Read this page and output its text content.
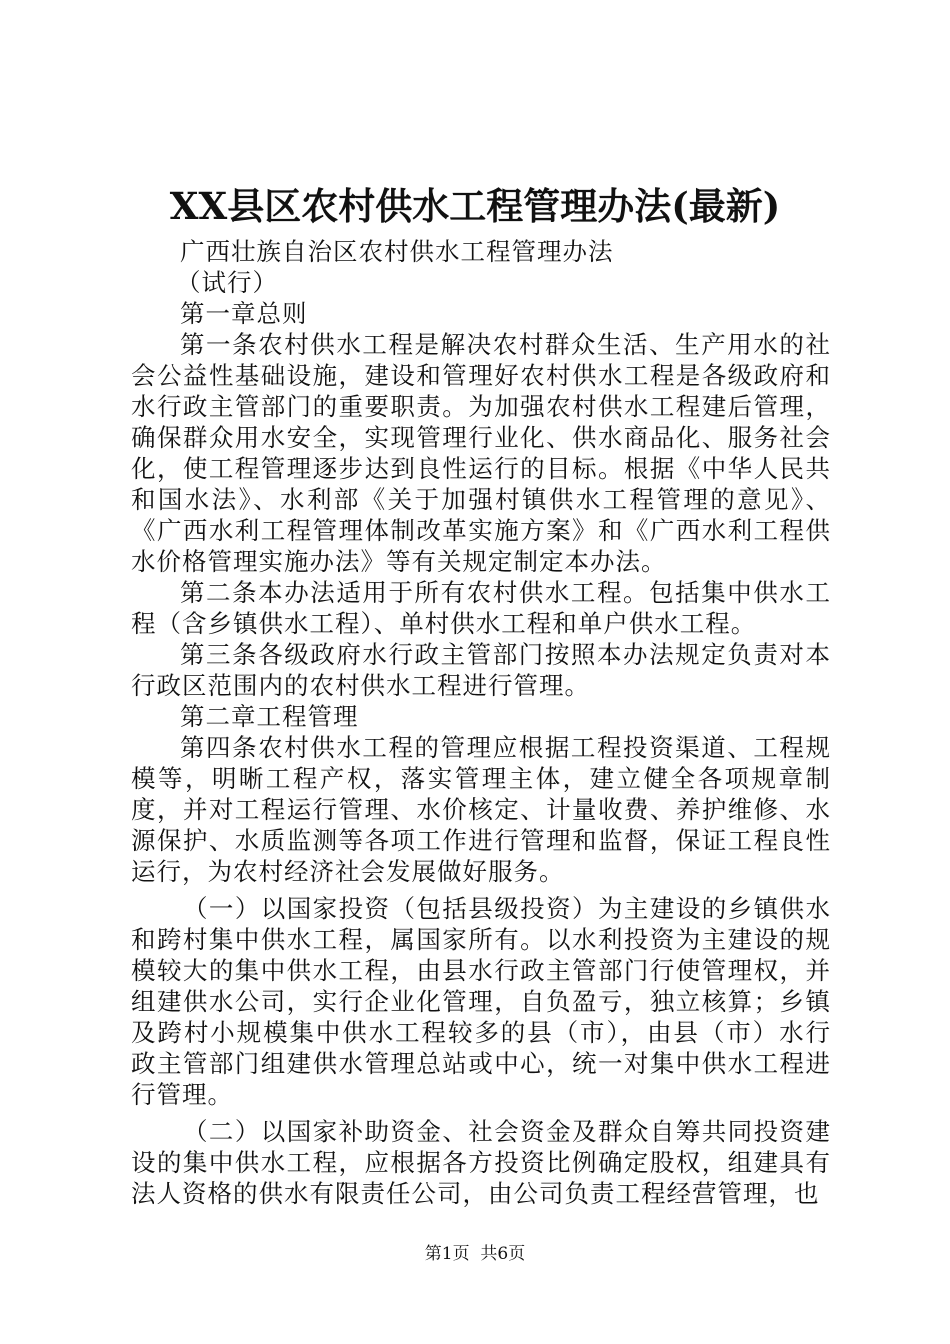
XX县区农村供水工程管理办法(最新)

广西壮族自治区农村供水工程管理办法

（试行）

第一章总则

第一条农村供水工程是解决农村群众生活、生产用水的社会公益性基础设施，建设和管理好农村供水工程是各级政府和水行政主管部门的重要职责。为加强农村供水工程建后管理，确保群众用水安全，实现管理行业化、供水商品化、服务社会化，使工程管理逐步达到良性运行的目标。根据《中华人民共和国水法》、水利部《关于加强村镇供水工程管理的意见》、《广西水利工程管理体制改革实施方案》和《广西水利工程供水价格管理实施办法》等有关规定制定本办法。

第二条本办法适用于所有农村供水工程。包括集中供水工程（含乡镇供水工程）、单村供水工程和单户供水工程。

第三条各级政府水行政主管部门按照本办法规定负责对本行政区范围内的农村供水工程进行管理。

第二章工程管理

第四条农村供水工程的管理应根据工程投资渠道、工程规模等，明晰工程产权，落实管理主体，建立健全各项规章制度，并对工程运行管理、水价核定、计量收费、养护维修、水源保护、水质监测等各项工作进行管理和监督，保证工程良性运行，为农村经济社会发展做好服务。

（一）以国家投资（包括县级投资）为主建设的乡镇供水和跨村集中供水工程，属国家所有。以水利投资为主建设的规模较大的集中供水工程，由县水行政主管部门行使管理权，并组建供水公司，实行企业化管理，自负盈亏，独立核算；乡镇及跨村小规模集中供水工程较多的县（市），由县（市）水行政主管部门组建供水管理总站或中心，统一对集中供水工程进行管理。

（二）以国家补助资金、社会资金及群众自筹共同投资建设的集中供水工程，应根据各方投资比例确定股权，组建具有法人资格的供水有限责任公司，由公司负责工程经营管理，也

第1页  共6页
